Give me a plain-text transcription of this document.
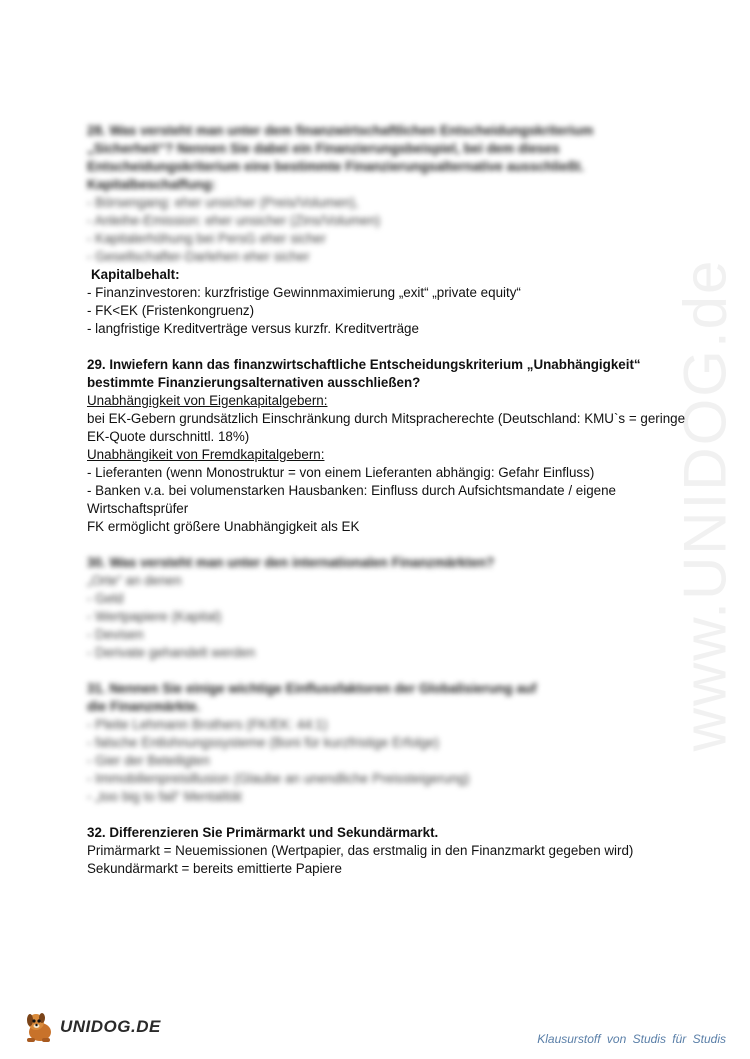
www.UNIDOG.de
28. Was versteht man unter dem finanzwirtschaftlichen Entscheidungskriterium
„Sicherheit“? Nennen Sie dabei ein Finanzierungsbeispiel, bei dem dieses
Entscheidungskriterium eine bestimmte Finanzierungsalternative ausschließt.
Kapitalbeschaffung:
- Börsengang: eher unsicher (Preis/Volumen),
- Anleihe-Emission: eher unsicher (Zins/Volumen)
- Kapitalerhöhung bei PersG eher sicher
- Gesellschafter-Darlehen eher sicher
Kapitalbehalt:
- Finanzinvestoren: kurzfristige Gewinnmaximierung „exit“ „private equity“
- FK<EK (Fristenkongruenz)
- langfristige Kreditverträge versus kurzfr. Kreditverträge
29. Inwiefern kann das finanzwirtschaftliche Entscheidungskriterium „Unabhängigkeit“
bestimmte Finanzierungsalternativen ausschließen?
Unabhängigkeit von Eigenkapitalgebern:
bei EK-Gebern grundsätzlich Einschränkung durch Mitspracherechte (Deutschland: KMU`s = geringe EK-Quote durschnittl. 18%)
Unabhängikeit von Fremdkapitalgebern:
- Lieferanten (wenn Monostruktur = von einem Lieferanten abhängig: Gefahr Einfluss)
- Banken v.a. bei volumenstarken Hausbanken: Einfluss durch Aufsichtsmandate / eigene Wirtschaftsprüfer
FK ermöglicht größere Unabhängigkeit als EK
30. Was versteht man unter den internationalen Finanzmärkten?
„Orte“ an denen
- Geld
- Wertpapiere (Kapital)
- Devisen
- Derivate gehandelt werden
31. Nennen Sie einige wichtige Einflussfaktoren der Globalisierung auf
die Finanzmärkte.
- Pleite Lehmann Brothers (FK/EK: 44:1)
- falsche Entlohnungssysteme (Boni für kurzfristige Erfolge)
- Gier der Beteiligten
- Immobilienpreisillusion (Glaube an unendliche Preissteigerung)
- „too big to fail“ Mentalität
32. Differenzieren Sie Primärmarkt und Sekundärmarkt.
Primärmarkt = Neuemissionen (Wertpapier, das erstmalig in den Finanzmarkt gegeben wird)
Sekundärmarkt = bereits emittierte Papiere
UNIDOG.DE
Klausurstoff von Studis für Studis
